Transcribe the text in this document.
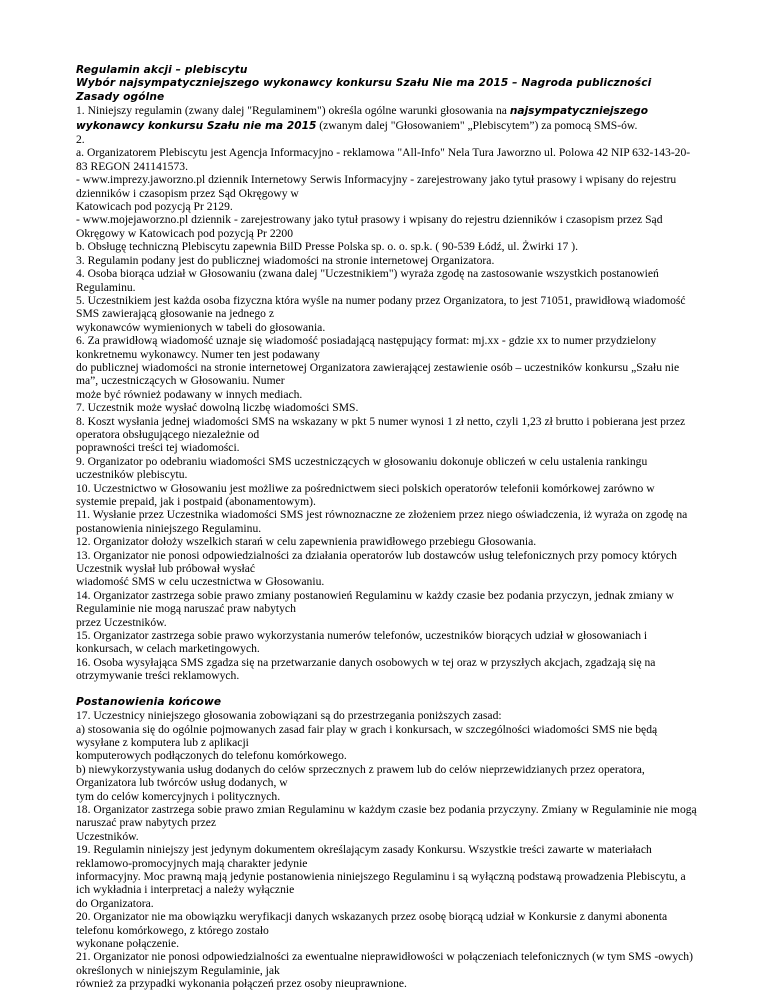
Regulamin akcji – plebiscytu
Wybór najsympatyczniejszego wykonawcy konkursu Szału Nie ma 2015 – Nagroda publiczności
Zasady ogólne
1. Niniejszy regulamin (zwany dalej "Regulaminem") określa ogólne warunki głosowania na najsympatyczniejszego
wykonawcy konkursu Szału nie ma 2015 (zwanym dalej "Głosowaniem" „Plebiscytem”) za pomocą SMS-ów.
2.
a. Organizatorem Plebiscytu jest Agencja Informacyjno - reklamowa "All-Info" Nela Tura Jaworzno ul. Polowa 42 NIP 632-143-20-
83 REGON 241141573.
- www.imprezy.jaworzno.pl dziennik Internetowy Serwis Informacyjny - zarejestrowany jako tytuł prasowy i wpisany do rejestru
dzienników i czasopism przez Sąd Okręgowy w
Katowicach pod pozycją Pr 2129.
- www.mojejaworzno.pl dziennik - zarejestrowany jako tytuł prasowy i wpisany do rejestru dzienników i czasopism przez Sąd
Okręgowy w Katowicach pod pozycją Pr 2200
b. Obsługę techniczną Plebiscytu zapewnia BilD Presse Polska sp. o. o. sp.k. ( 90-539 Łódź, ul. Żwirki 17 ).
3. Regulamin podany jest do publicznej wiadomości na stronie internetowej Organizatora.
4. Osoba biorąca udział w Głosowaniu (zwana dalej "Uczestnikiem") wyraża zgodę na zastosowanie wszystkich postanowień
Regulaminu.
5. Uczestnikiem jest każda osoba fizyczna która wyśle na numer podany przez Organizatora, to jest 71051, prawidłową wiadomość
SMS zawierającą głosowanie na jednego z
wykonawców wymienionych w tabeli do głosowania.
6. Za prawidłową wiadomość uznaje się wiadomość posiadającą następujący format: mj.xx - gdzie xx to numer przydzielony
konkretnemu wykonawcy. Numer ten jest podawany
do publicznej wiadomości na stronie internetowej Organizatora zawierającej zestawienie osób – uczestników konkursu „Szału nie
ma”, uczestniczących w Głosowaniu. Numer
może być również podawany w innych mediach.
7. Uczestnik może wysłać dowolną liczbę wiadomości SMS.
8. Koszt wysłania jednej wiadomości SMS na wskazany w pkt 5 numer wynosi 1 zł netto, czyli 1,23 zł brutto i pobierana jest przez
operatora obsługującego niezależnie od
poprawności treści tej wiadomości.
9. Organizator po odebraniu wiadomości SMS uczestniczących w głosowaniu dokonuje obliczeń w celu ustalenia rankingu
uczestników plebiscytu.
10. Uczestnictwo w Głosowaniu jest możliwe za pośrednictwem sieci polskich operatorów telefonii komórkowej zarówno w
systemie prepaid, jak i postpaid (abonamentowym).
11. Wysłanie przez Uczestnika wiadomości SMS jest równoznaczne ze złożeniem przez niego oświadczenia, iż wyraża on zgodę na
postanowienia niniejszego Regulaminu.
12. Organizator dołoży wszelkich starań w celu zapewnienia prawidłowego przebiegu Głosowania.
13. Organizator nie ponosi odpowiedzialności za działania operatorów lub dostawców usług telefonicznych przy pomocy których
Uczestnik wysłał lub próbował wysłać
wiadomość SMS w celu uczestnictwa w Głosowaniu.
14. Organizator zastrzega sobie prawo zmiany postanowień Regulaminu w każdy czasie bez podania przyczyn, jednak zmiany w
Regulaminie nie mogą naruszać praw nabytych
przez Uczestników.
15. Organizator zastrzega sobie prawo wykorzystania numerów telefonów, uczestników biorących udział w głosowaniach i
konkursach, w celach marketingowych.
16. Osoba wysyłająca SMS zgadza się na przetwarzanie danych osobowych w tej oraz w przyszłych akcjach, zgadzają się na
otrzymywanie treści reklamowych.
Postanowienia końcowe
17. Uczestnicy niniejszego głosowania zobowiązani są do przestrzegania poniższych zasad:
a) stosowania się do ogólnie pojmowanych zasad fair play w grach i konkursach, w szczególności wiadomości SMS nie będą
wysyłane z komputera lub z aplikacji
komputerowych podłączonych do telefonu komórkowego.
b) niewykorzystywania usług dodanych do celów sprzecznych z prawem lub do celów nieprzewidzianych przez operatora,
Organizatora lub twórców usług dodanych, w
tym do celów komercyjnych i politycznych.
18. Organizator zastrzega sobie prawo zmian Regulaminu w każdym czasie bez podania przyczyny. Zmiany w Regulaminie nie mogą
naruszać praw nabytych przez
Uczestników.
19. Regulamin niniejszy jest jedynym dokumentem określającym zasady Konkursu. Wszystkie treści zawarte w materiałach
reklamowo-promocyjnych mają charakter jedynie
informacyjny. Moc prawną mają jedynie postanowienia niniejszego Regulaminu i są wyłączną podstawą prowadzenia Plebiscytu, a
ich wykładnia i interpretacj a należy wyłącznie
do Organizatora.
20. Organizator nie ma obowiązku weryfikacji danych wskazanych przez osobę biorącą udział w Konkursie z danymi abonenta
telefonu komórkowego, z którego zostało
wykonane połączenie.
21. Organizator nie ponosi odpowiedzialności za ewentualne nieprawidłowości w połączeniach telefonicznych (w tym SMS -owych)
określonych w niniejszym Regulaminie, jak
również za przypadki wykonania połączeń przez osoby nieuprawnione.
